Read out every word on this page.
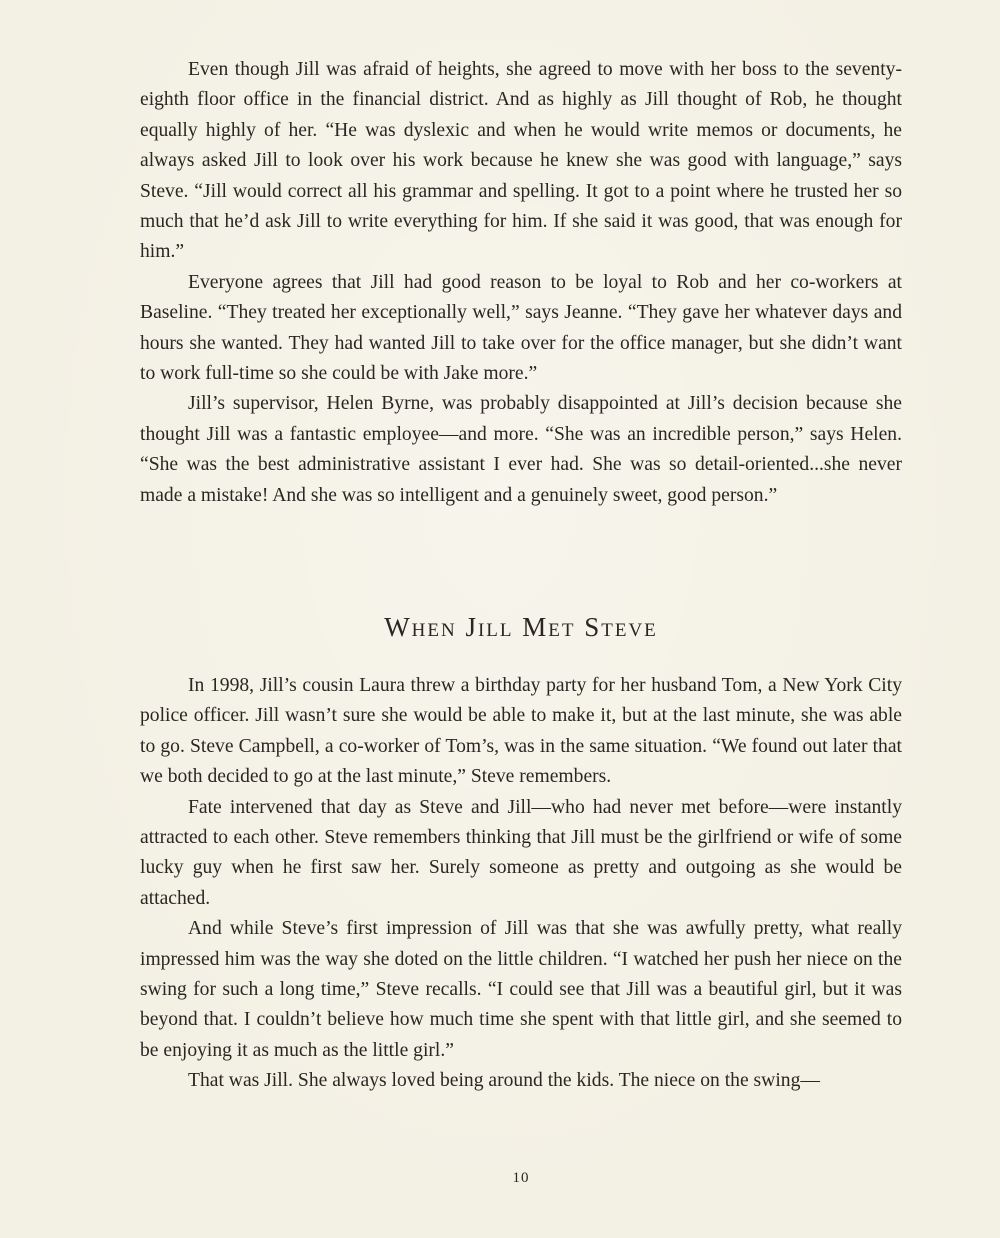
Even though Jill was afraid of heights, she agreed to move with her boss to the seventy-eighth floor office in the financial district. And as highly as Jill thought of Rob, he thought equally highly of her. “He was dyslexic and when he would write memos or documents, he always asked Jill to look over his work because he knew she was good with language,” says Steve. “Jill would correct all his grammar and spelling. It got to a point where he trusted her so much that he’d ask Jill to write everything for him. If she said it was good, that was enough for him.”

Everyone agrees that Jill had good reason to be loyal to Rob and her co-workers at Baseline. “They treated her exceptionally well,” says Jeanne. “They gave her whatever days and hours she wanted. They had wanted Jill to take over for the office manager, but she didn’t want to work full-time so she could be with Jake more.”

Jill’s supervisor, Helen Byrne, was probably disappointed at Jill’s decision because she thought Jill was a fantastic employee—and more. “She was an incredible person,” says Helen. “She was the best administrative assistant I ever had. She was so detail-oriented...she never made a mistake! And she was so intelligent and a genuinely sweet, good person.”

When Jill Met Steve

In 1998, Jill’s cousin Laura threw a birthday party for her husband Tom, a New York City police officer. Jill wasn’t sure she would be able to make it, but at the last minute, she was able to go. Steve Campbell, a co-worker of Tom’s, was in the same situation. “We found out later that we both decided to go at the last minute,” Steve remembers.

Fate intervened that day as Steve and Jill—who had never met before—were instantly attracted to each other. Steve remembers thinking that Jill must be the girlfriend or wife of some lucky guy when he first saw her. Surely someone as pretty and outgoing as she would be attached.

And while Steve’s first impression of Jill was that she was awfully pretty, what really impressed him was the way she doted on the little children. “I watched her push her niece on the swing for such a long time,” Steve recalls. “I could see that Jill was a beautiful girl, but it was beyond that. I couldn’t believe how much time she spent with that little girl, and she seemed to be enjoying it as much as the little girl.”

That was Jill. She always loved being around the kids. The niece on the swing—

10
